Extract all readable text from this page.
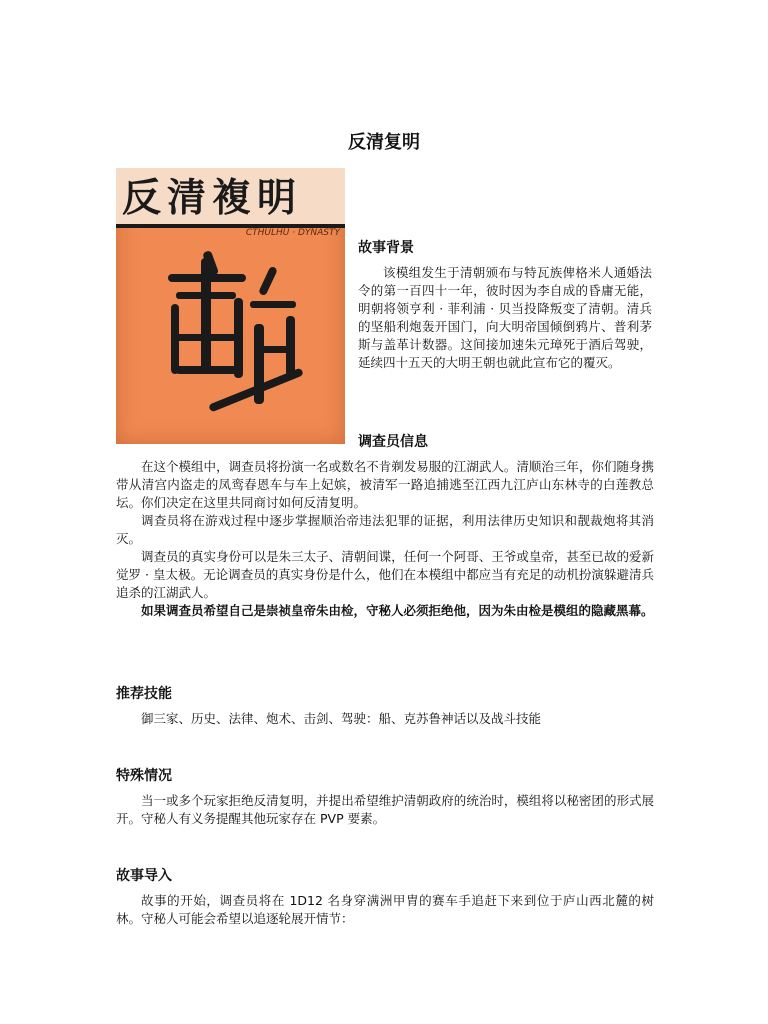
反清复明
反清複明
CTHULHU · DYNASTY
故事背景

该模组发生于清朝颁布与特瓦族俾格米人通婚法令的第一百四十一年，彼时因为李自成的昏庸无能，明朝将领亨利 · 菲利浦 · 贝当投降叛变了清朝。清兵的坚船利炮轰开国门，向大明帝国倾倒鸦片、普利茅斯与盖革计数器。这间接加速朱元璋死于酒后驾驶，延续四十五天的大明王朝也就此宣布它的覆灭。

调查员信息

在这个模组中，调查员将扮演一名或数名不肯剃发易服的江湖武人。清顺治三年，你们随身携带从清宫内盗走的凤鸾春恩车与车上妃嫔，被清军一路追捕逃至江西九江庐山东林寺的白莲教总坛。你们决定在这里共同商讨如何反清复明。

调查员将在游戏过程中逐步掌握顺治帝违法犯罪的证据，利用法律历史知识和靓裁炮将其消灭。

调查员的真实身份可以是朱三太子、清朝间谍，任何一个阿哥、王爷或皇帝，甚至已故的爱新觉罗 · 皇太极。无论调查员的真实身份是什么，他们在本模组中都应当有充足的动机扮演躲避清兵追杀的江湖武人。

如果调查员希望自己是崇祯皇帝朱由检，守秘人必须拒绝他，因为朱由检是模组的隐藏黑幕。

推荐技能

御三家、历史、法律、炮术、击剑、驾驶：船、克苏鲁神话以及战斗技能

特殊情况

当一或多个玩家拒绝反清复明，并提出希望维护清朝政府的统治时，模组将以秘密团的形式展开。守秘人有义务提醒其他玩家存在 PVP 要素。

故事导入

故事的开始，调查员将在 1D12 名身穿满洲甲胄的赛车手追赶下来到位于庐山西北麓的树林。守秘人可能会希望以追逐轮展开情节：
